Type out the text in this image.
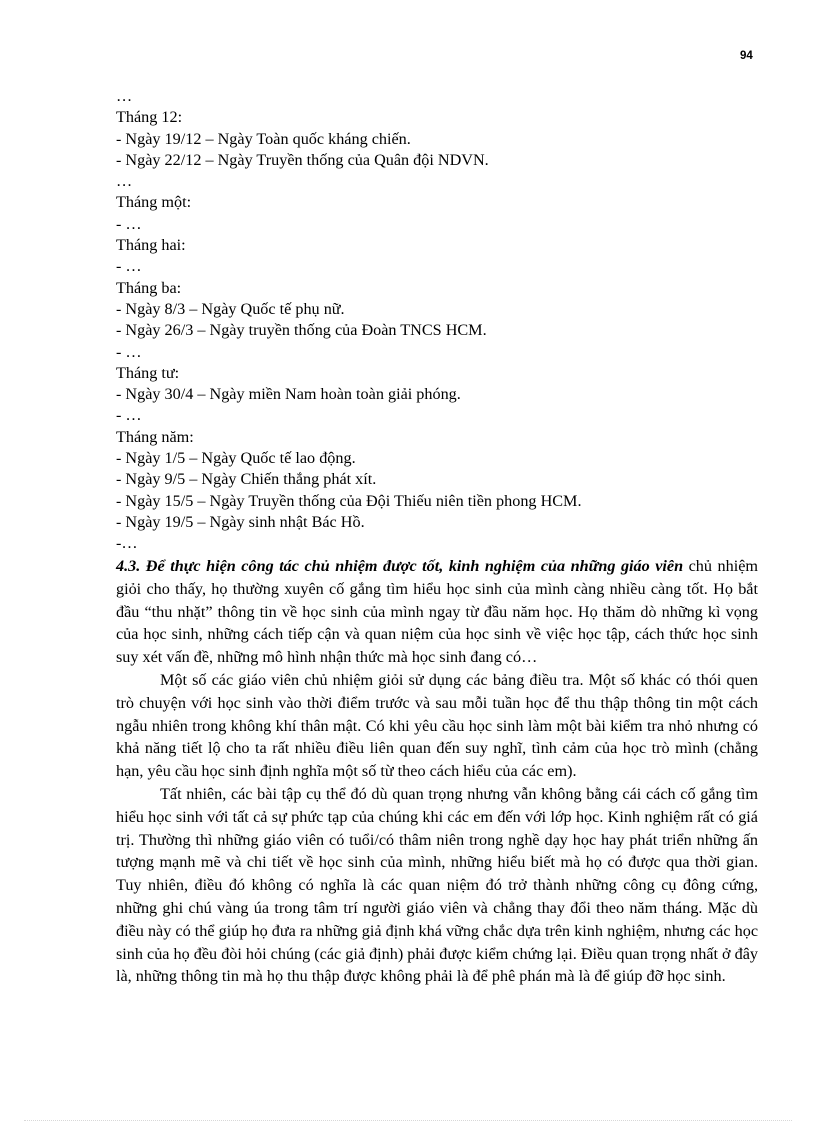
94
…
Tháng 12:
- Ngày 19/12 – Ngày Toàn quốc kháng chiến.
- Ngày 22/12 – Ngày Truyền thống của Quân đội NDVN.
…
Tháng một:
- …
Tháng hai:
- …
Tháng ba:
- Ngày 8/3 – Ngày Quốc tế phụ nữ.
- Ngày 26/3 – Ngày truyền thống của Đoàn TNCS HCM.
- …
Tháng tư:
- Ngày 30/4 – Ngày miền Nam hoàn toàn giải phóng.
- …
Tháng năm:
- Ngày 1/5 – Ngày Quốc tế lao động.
- Ngày 9/5 – Ngày Chiến thắng phát xít.
- Ngày 15/5 – Ngày Truyền thống của Đội Thiếu niên tiền phong HCM.
- Ngày 19/5 – Ngày sinh nhật Bác Hồ.
-…

4.3. Để thực hiện công tác chủ nhiệm được tốt, kinh nghiệm của những giáo viên chủ nhiệm giỏi cho thấy, họ thường xuyên cố gắng tìm hiểu học sinh của mình càng nhiều càng tốt. Họ bắt đầu “thu nhặt” thông tin về học sinh của mình ngay từ đầu năm học. Họ thăm dò những kì vọng của học sinh, những cách tiếp cận và quan niệm của học sinh về việc học tập, cách thức học sinh suy xét vấn đề, những mô hình nhận thức mà học sinh đang có…

Một số các giáo viên chủ nhiệm giỏi sử dụng các bảng điều tra. Một số khác có thói quen trò chuyện với học sinh vào thời điểm trước và sau mỗi tuần học để thu thập thông tin một cách ngẫu nhiên trong không khí thân mật. Có khi yêu cầu học sinh làm một bài kiểm tra nhỏ nhưng có khả năng tiết lộ cho ta rất nhiều điều liên quan đến suy nghĩ, tình cảm của học trò mình (chẳng hạn, yêu cầu học sinh định nghĩa một số từ theo cách hiểu của các em).

Tất nhiên, các bài tập cụ thể đó dù quan trọng nhưng vẫn không bằng cái cách cố gắng tìm hiểu học sinh với tất cả sự phức tạp của chúng khi các em đến với lớp học. Kinh nghiệm rất có giá trị. Thường thì những giáo viên có tuổi/có thâm niên trong nghề dạy học hay phát triển những ấn tượng mạnh mẽ và chi tiết về học sinh của mình, những hiểu biết mà họ có được qua thời gian. Tuy nhiên, điều đó không có nghĩa là các quan niệm đó trở thành những công cụ đông cứng, những ghi chú vàng úa trong tâm trí người giáo viên và chẳng thay đổi theo năm tháng. Mặc dù điều này có thể giúp họ đưa ra những giả định khá vững chắc dựa trên kinh nghiệm, nhưng các học sinh của họ đều đòi hỏi chúng (các giả định) phải được kiểm chứng lại. Điều quan trọng nhất ở đây là, những thông tin mà họ thu thập được không phải là để phê phán mà là để giúp đỡ học sinh.
